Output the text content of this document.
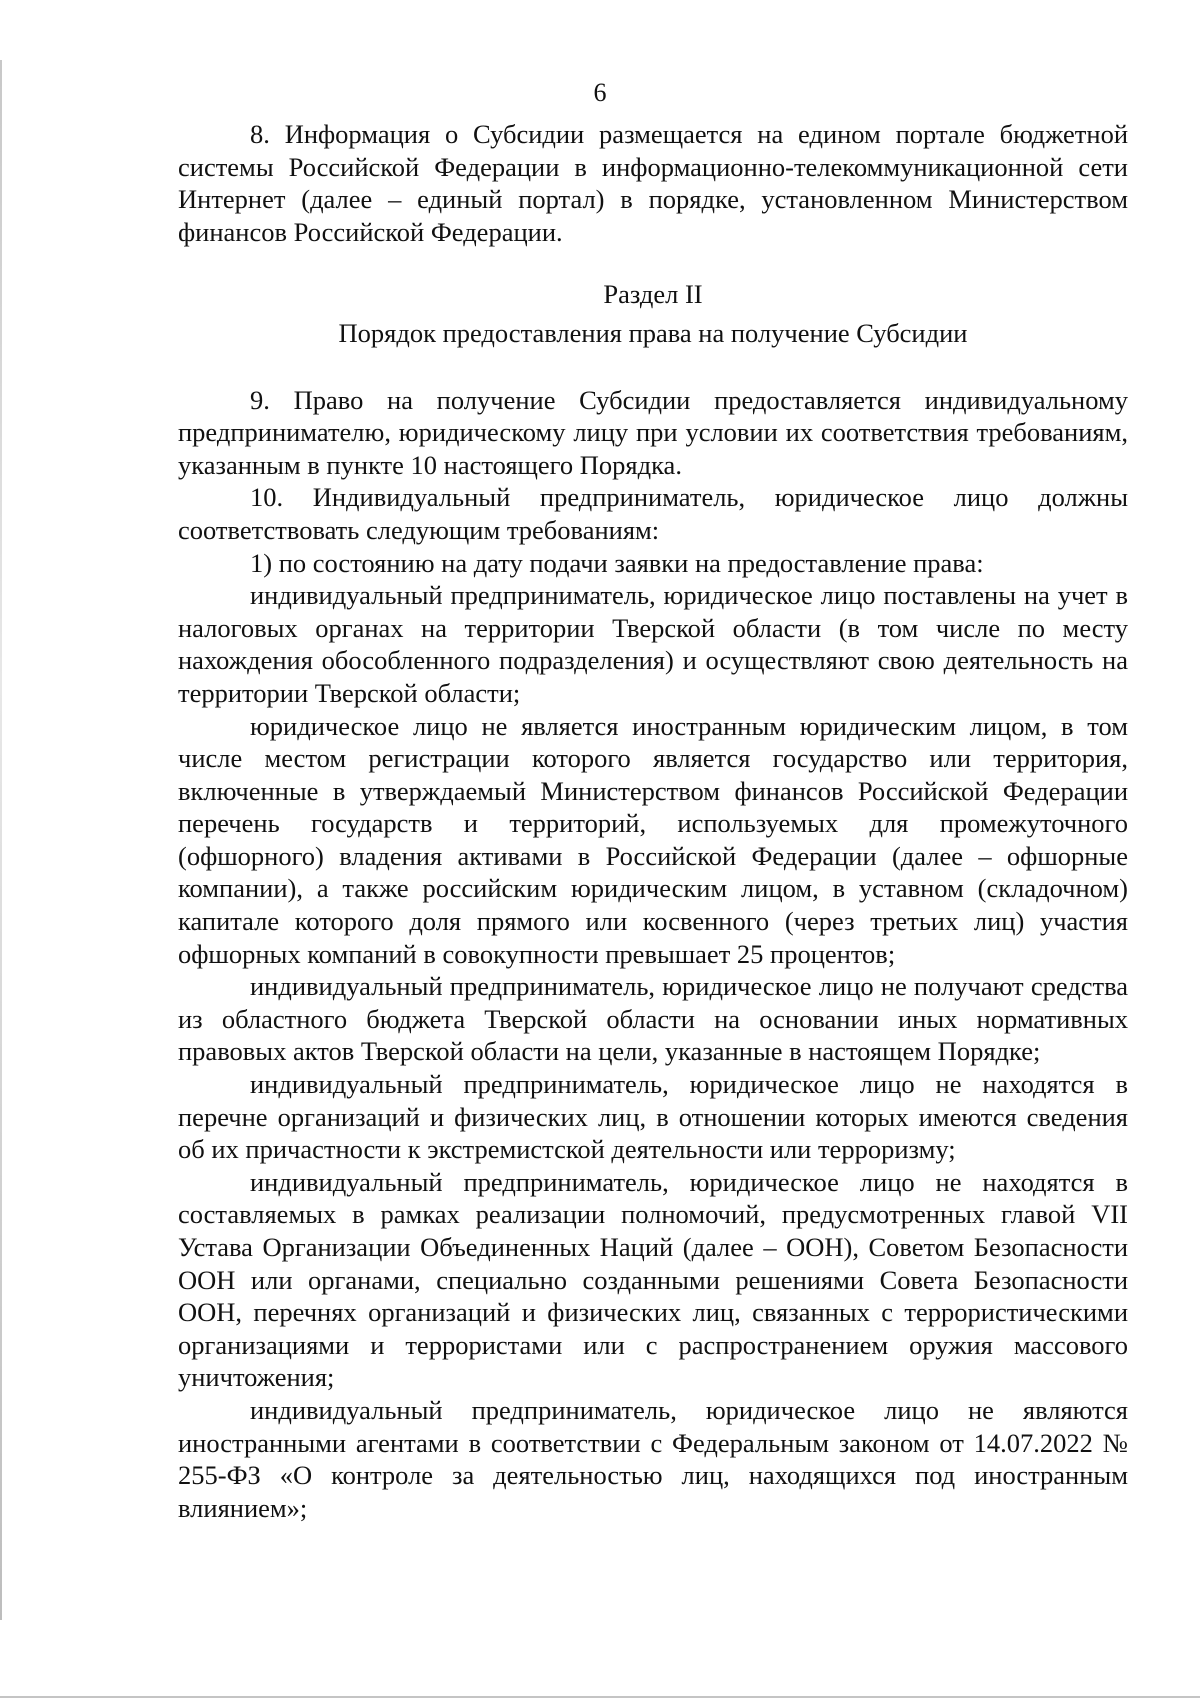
6

8. Информация о Субсидии размещается на едином портале бюджетной системы Российской Федерации в информационно-телекоммуникационной сети Интернет (далее – единый портал) в порядке, установленном Министерством финансов Российской Федерации.

Раздел II

Порядок предоставления права на получение Субсидии

9. Право на получение Субсидии предоставляется индивидуальному предпринимателю, юридическому лицу при условии их соответствия требованиям, указанным в пункте 10 настоящего Порядка.

10. Индивидуальный предприниматель, юридическое лицо должны соответствовать следующим требованиям:

1) по состоянию на дату подачи заявки на предоставление права:

индивидуальный предприниматель, юридическое лицо поставлены на учет в налоговых органах на территории Тверской области (в том числе по месту нахождения обособленного подразделения) и осуществляют свою деятельность на территории Тверской области;

юридическое лицо не является иностранным юридическим лицом, в том числе местом регистрации которого является государство или территория, включенные в утверждаемый Министерством финансов Российской Федерации перечень государств и территорий, используемых для промежуточного (офшорного) владения активами в Российской Федерации (далее – офшорные компании), а также российским юридическим лицом, в уставном (складочном) капитале которого доля прямого или косвенного (через третьих лиц) участия офшорных компаний в совокупности превышает 25 процентов;

индивидуальный предприниматель, юридическое лицо не получают средства из областного бюджета Тверской области на основании иных нормативных правовых актов Тверской области на цели, указанные в настоящем Порядке;

индивидуальный предприниматель, юридическое лицо не находятся в перечне организаций и физических лиц, в отношении которых имеются сведения об их причастности к экстремистской деятельности или терроризму;

индивидуальный предприниматель, юридическое лицо не находятся в составляемых в рамках реализации полномочий, предусмотренных главой VII Устава Организации Объединенных Наций (далее – ООН), Советом Безопасности ООН или органами, специально созданными решениями Совета Безопасности ООН, перечнях организаций и физических лиц, связанных с террористическими организациями и террористами или с распространением оружия массового уничтожения;

индивидуальный предприниматель, юридическое лицо не являются иностранными агентами в соответствии с Федеральным законом от 14.07.2022 № 255-ФЗ «О контроле за деятельностью лиц, находящихся под иностранным влиянием»;
